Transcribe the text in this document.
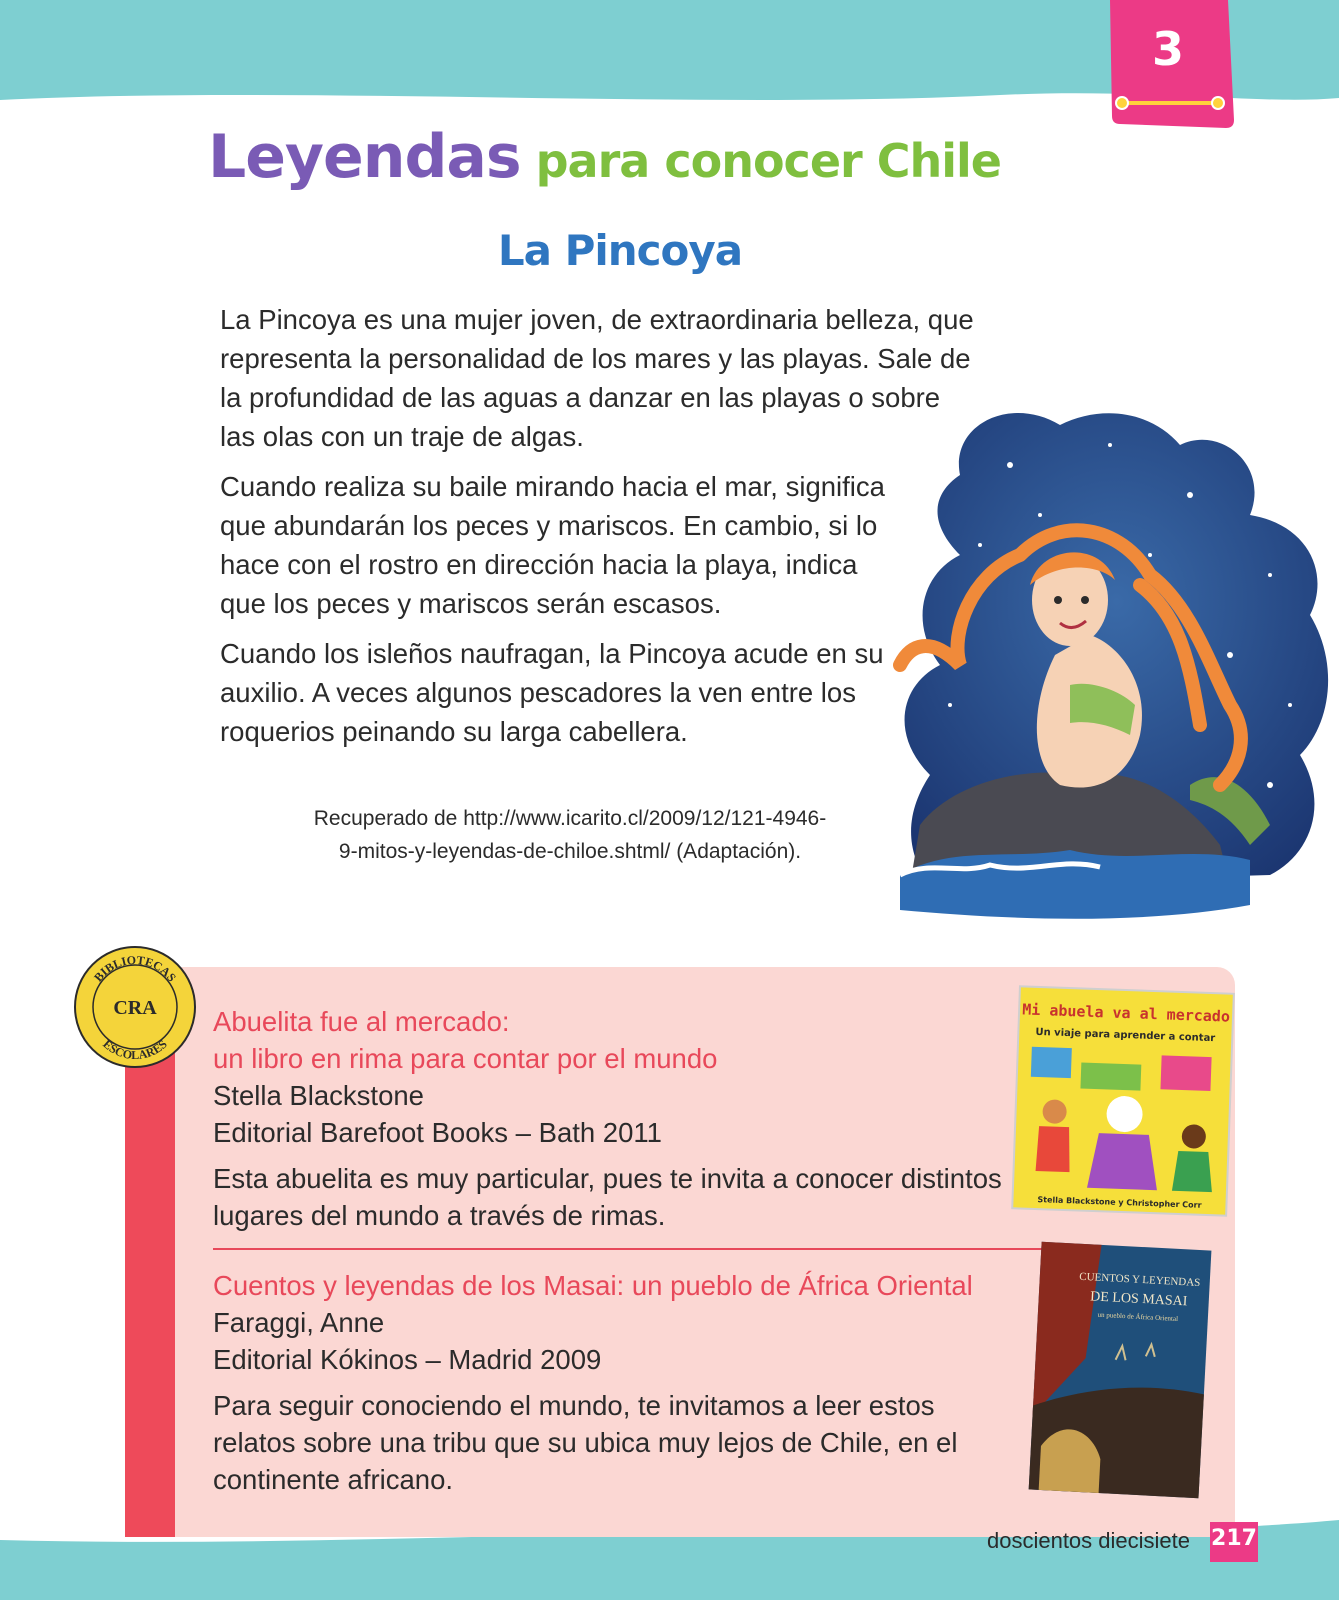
3
Leyendas para conocer Chile
La Pincoya

La Pincoya es una mujer joven, de extraordinaria belleza, que representa la personalidad de los mares y las playas. Sale de la profundidad de las aguas a danzar en las playas o sobre las olas con un traje de algas.

Cuando realiza su baile mirando hacia el mar, significa que abundarán los peces y mariscos. En cambio, si lo hace con el rostro en dirección hacia la playa, indica que los peces y mariscos serán escasos.

Cuando los isleños naufragan, la Pincoya acude en su auxilio. A veces algunos pescadores la ven entre los roquerios peinando su larga cabellera.

Recuperado de http://www.icarito.cl/2009/12/121-4946-
9-mitos-y-leyendas-de-chiloe.shtml/ (Adaptación).
BIBLIOTECAS
ESCOLARES
CRA Abuelita fue al mercado:
un libro en rima para contar por el mundo
Stella Blackstone
Editorial Barefoot Books – Bath 2011
Esta abuelita es muy particular, pues te invita a conocer distintos lugares del mundo a través de rimas.
Cuentos y leyendas de los Masai: un pueblo de África Oriental
Faraggi, Anne
Editorial Kókinos – Madrid 2009
Para seguir conociendo el mundo, te invitamos a leer estos relatos sobre una tribu que su ubica muy lejos de Chile, en el continente africano.
Mi abuela va al mercado
Un viaje para aprender a contar
Stella Blackstone y Christopher Corr
CUENTOS Y LEYENDAS
DE LOS MASAI
un pueblo de África Oriental
doscientos diecisiete 217
